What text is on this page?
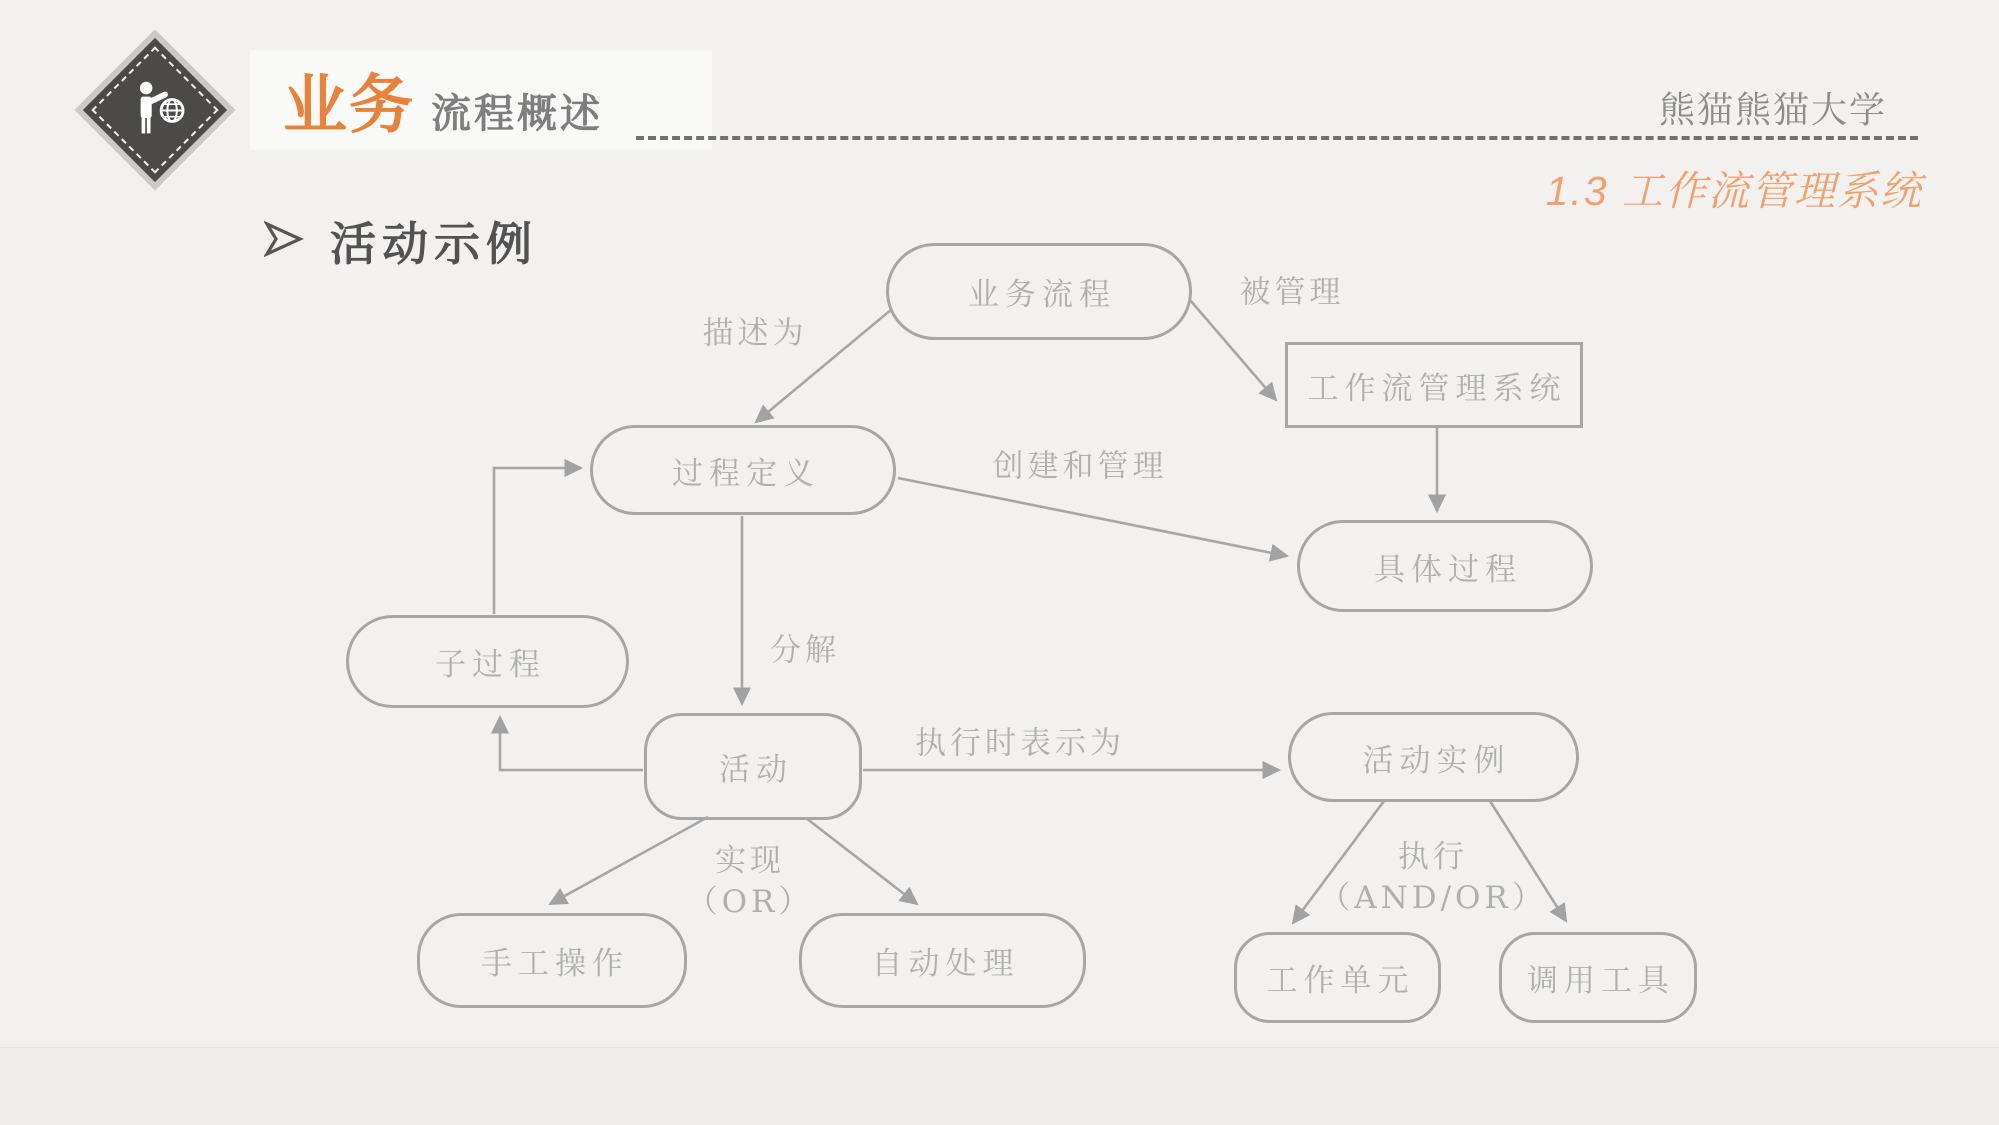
业务 流程概述	熊猫熊猫大学
1.3 工作流管理系统
活动示例
业务流程
工作流管理系统
过程定义
具体过程
子过程
活动	活动实例
手工操作	自动处理	工作单元	调用工具
描述为
被管理
创建和管理
分解
执行时表示为
实现
（OR）
执行
（AND/OR）
